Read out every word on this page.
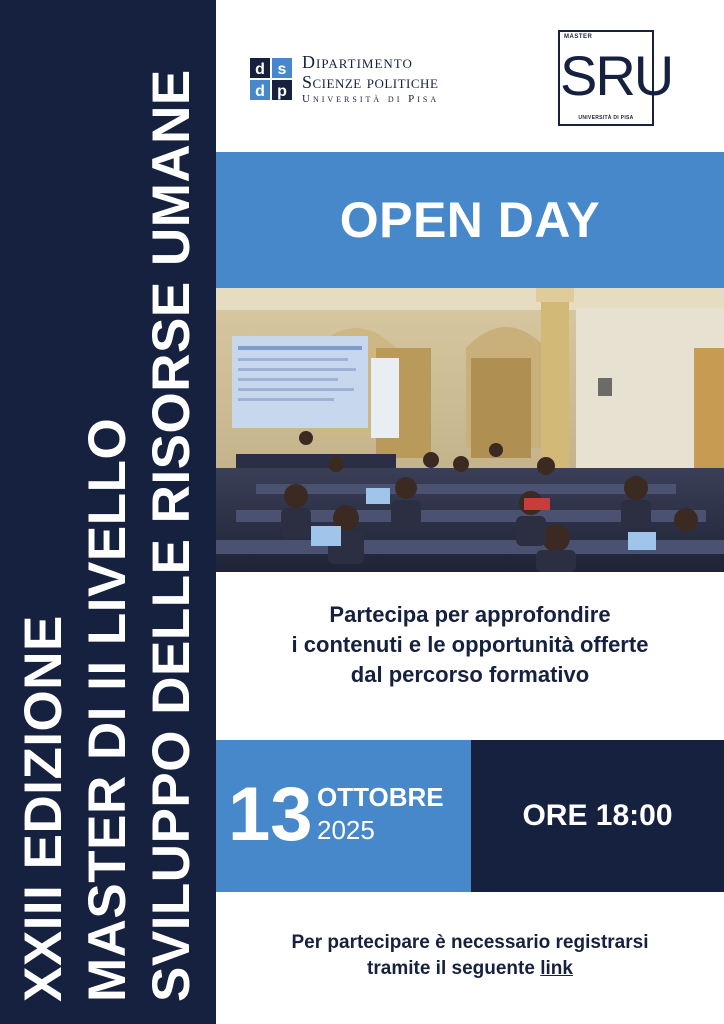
XXIII EDIZIONE MASTER DI II LIVELLO SVILUPPO DELLE RISORSE UMANE	d s
d p
Dipartimento
Scienze politiche
Università di Pisa
MASTER
SRU
UNIVERSITÀ DI PISA
OPEN DAY
Partecipa per approfondire
i contenuti e le opportunità offerte
dal percorso formativo
13 OTTOBRE
2025	ORE 18:00
Per partecipare è necessario registrarsi
tramite il seguente link
